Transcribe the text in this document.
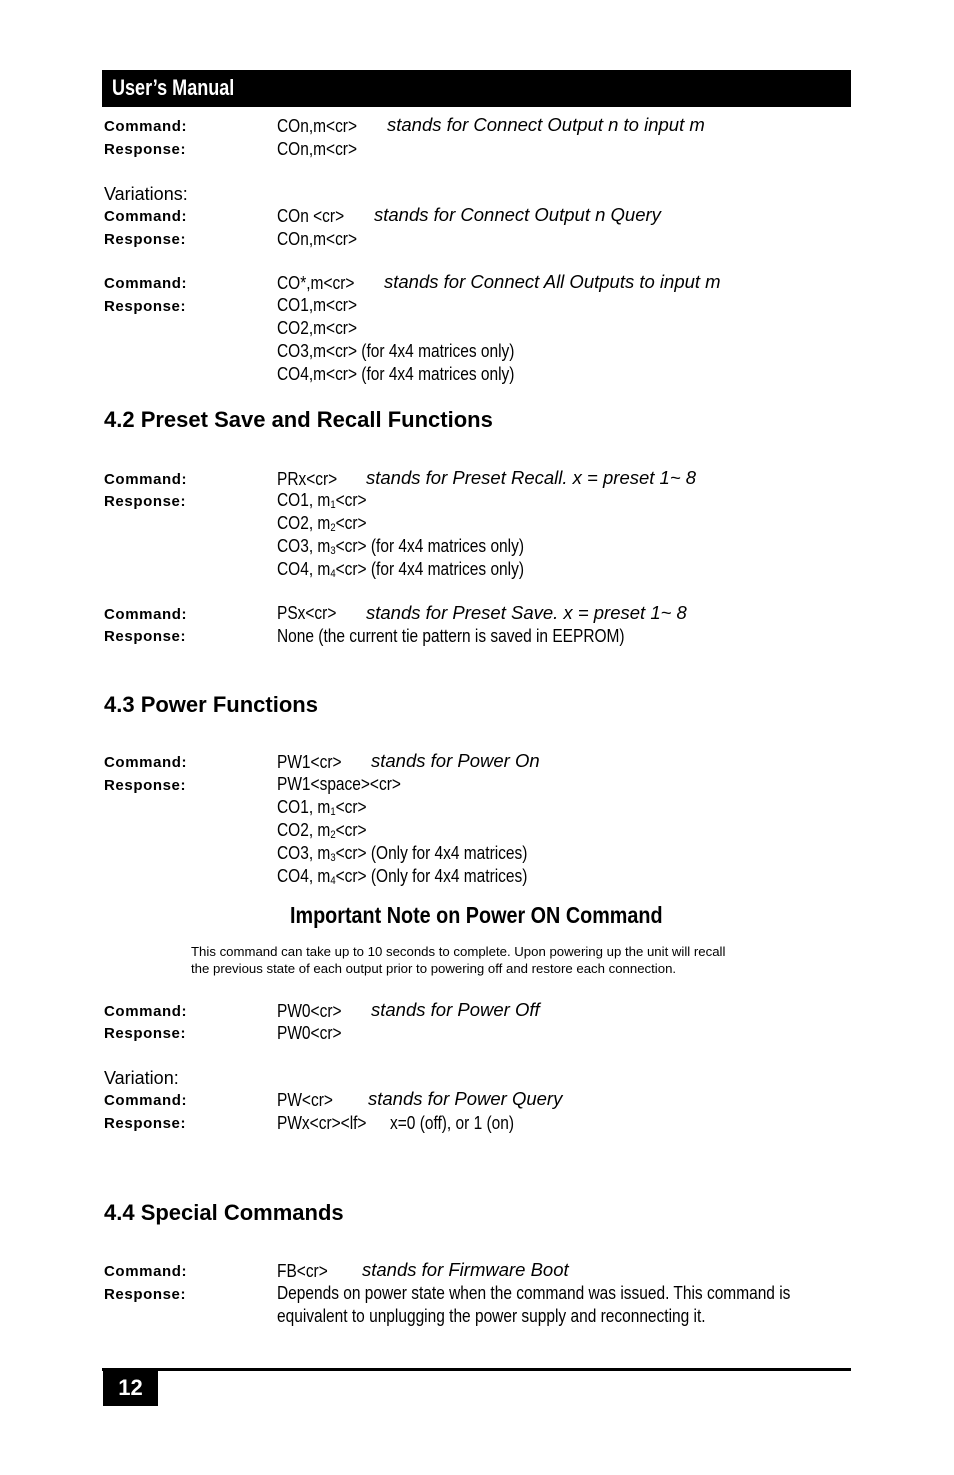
User’s Manual
Command:	COn,m<cr> stands for Connect Output n to input m
Response:	COn,m<cr>
Variations:
Command:	COn <cr> stands for Connect Output n Query
Response:	COn,m<cr>
Command:	CO*,m<cr> stands for Connect All Outputs to input m
Response:	CO1,m<cr>
CO2,m<cr>
CO3,m<cr> (for 4x4 matrices only)
CO4,m<cr> (for 4x4 matrices only)
4.2 Preset Save and Recall Functions
Command:	PRx<cr> stands for Preset Recall. x = preset 1~ 8
Response:	CO1, $m_1<cr>$
CO2, $m_2<cr>$
CO3, $m_3<cr> (for$ 4x4 matrices only)
CO4, $m_4<cr> (for$ 4x4 matrices only)
Command:	PSx<cr> stands for Preset Save. x = preset 1~ 8
Response:	None (the current tie pattern is saved in EEPROM)
4.3 Power Functions
Command:	PW1<cr> stands for Power On
Response:	PW1<space><cr>
CO1, $m_1<cr>$
CO2, $m_2<cr>$
CO3, $m_3<cr>$ (Only for 4x4 matrices)
CO4, $m_4<cr>$ (Only for 4x4 matrices)
Important Note on Power ON Command
This command can take up to 10 seconds to complete. Upon powering up the unit will recall
the previous state of each output prior to powering off and restore each connection.
Command:	PW0<cr> stands for Power Off
Response:	PW0<cr>
Variation:
Command:	PW<cr> stands for Power Query
Response:	PWx<cr><lf> x=0 (off), or 1 (on)
4.4 Special Commands
Command:	FB<cr> stands for Firmware Boot
Response:	Depends on power state when the command was issued. This command is
equivalent to unplugging the power supply and reconnecting it.
12
